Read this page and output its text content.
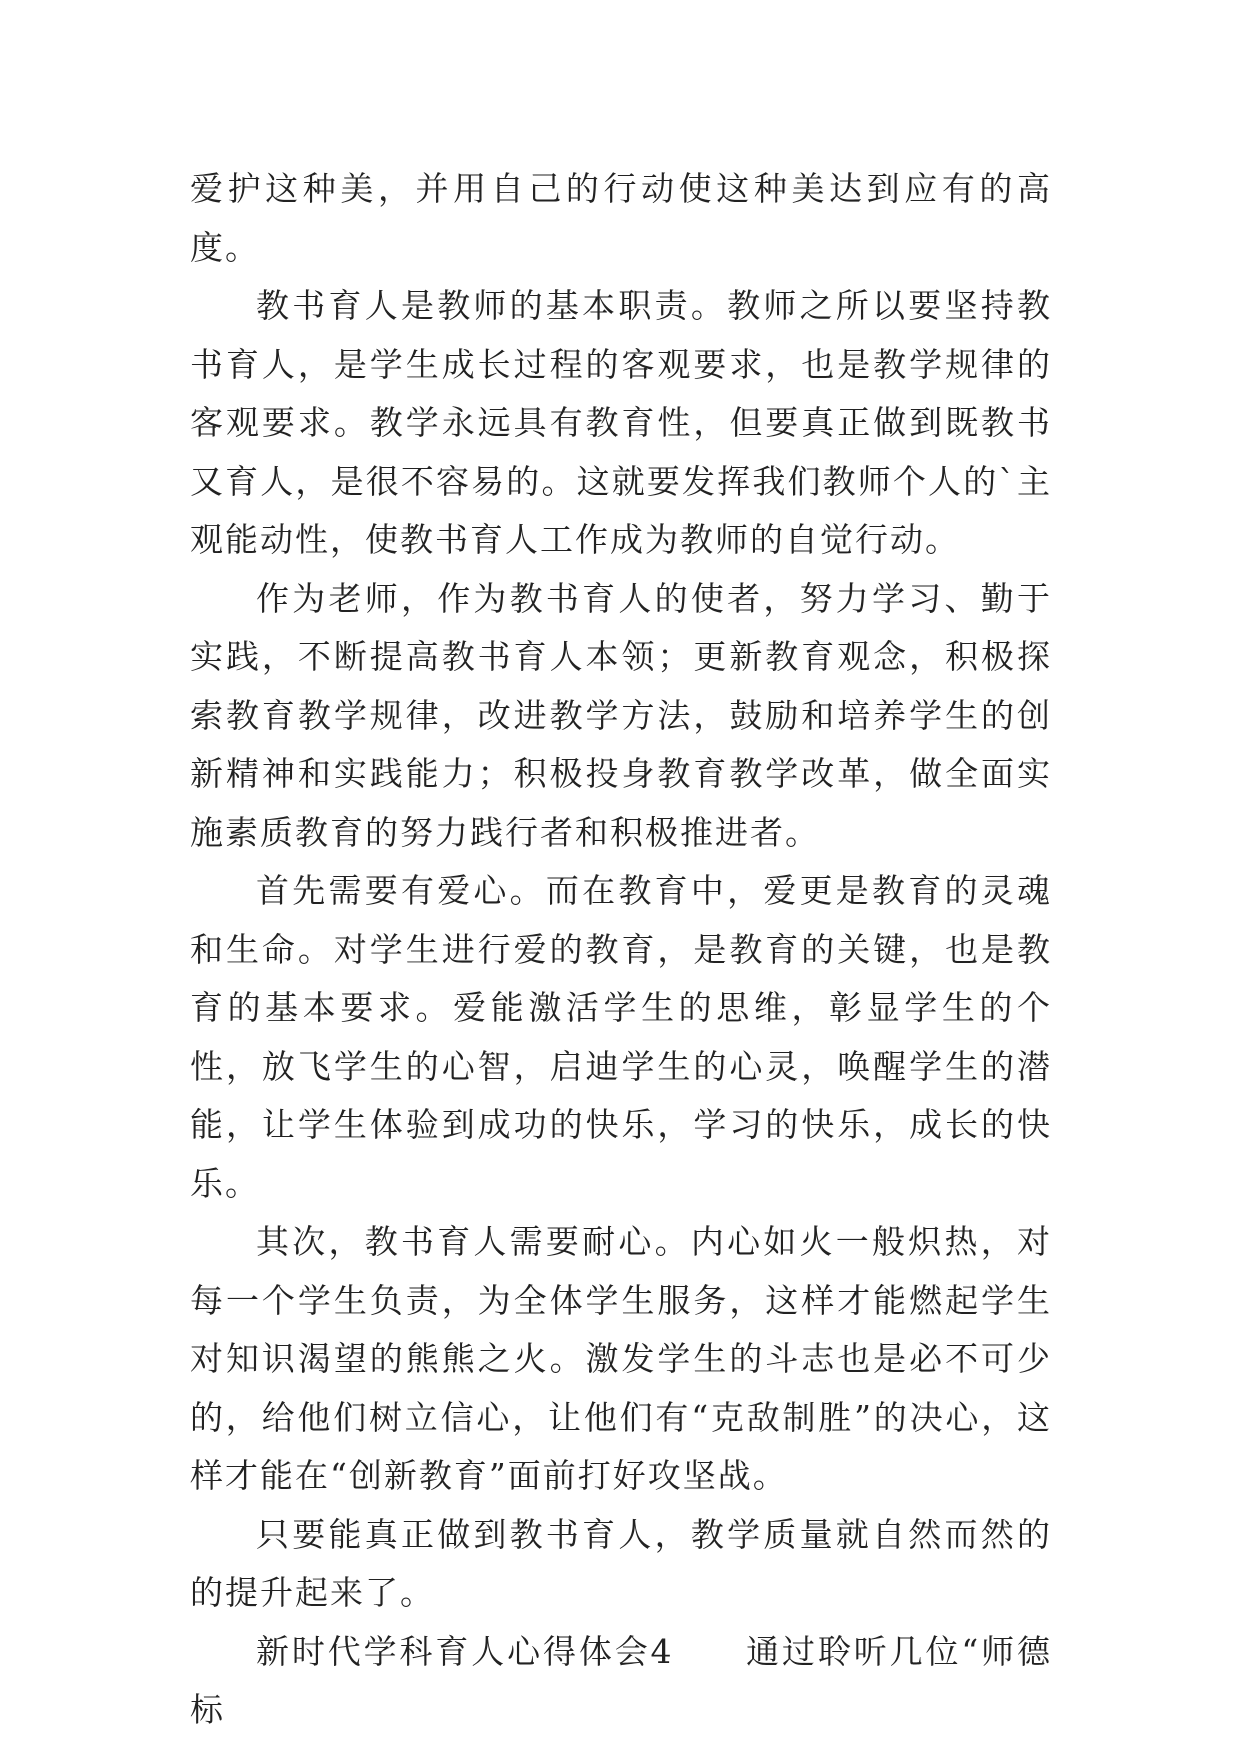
爱护这种美，并用自己的行动使这种美达到应有的高度。

教书育人是教师的基本职责。教师之所以要坚持教书育人，是学生成长过程的客观要求，也是教学规律的客观要求。教学永远具有教育性，但要真正做到既教书又育人，是很不容易的。这就要发挥我们教师个人的`主观能动性，使教书育人工作成为教师的自觉行动。

作为老师，作为教书育人的使者，努力学习、勤于实践，不断提高教书育人本领；更新教育观念，积极探索教育教学规律，改进教学方法，鼓励和培养学生的创新精神和实践能力；积极投身教育教学改革，做全面实施素质教育的努力践行者和积极推进者。

首先需要有爱心。而在教育中，爱更是教育的灵魂和生命。对学生进行爱的教育，是教育的关键，也是教育的基本要求。爱能激活学生的思维，彰显学生的个性，放飞学生的心智，启迪学生的心灵，唤醒学生的潜能，让学生体验到成功的快乐，学习的快乐，成长的快乐。

其次，教书育人需要耐心。内心如火一般炽热，对每一个学生负责，为全体学生服务，这样才能燃起学生对知识渴望的熊熊之火。激发学生的斗志也是必不可少的，给他们树立信心，让他们有“克敌制胜”的决心，这样才能在“创新教育”面前打好攻坚战。

只要能真正做到教书育人，教学质量就自然而然的的提升起来了。

新时代学科育人心得体会4　　通过聆听几位“师德标
